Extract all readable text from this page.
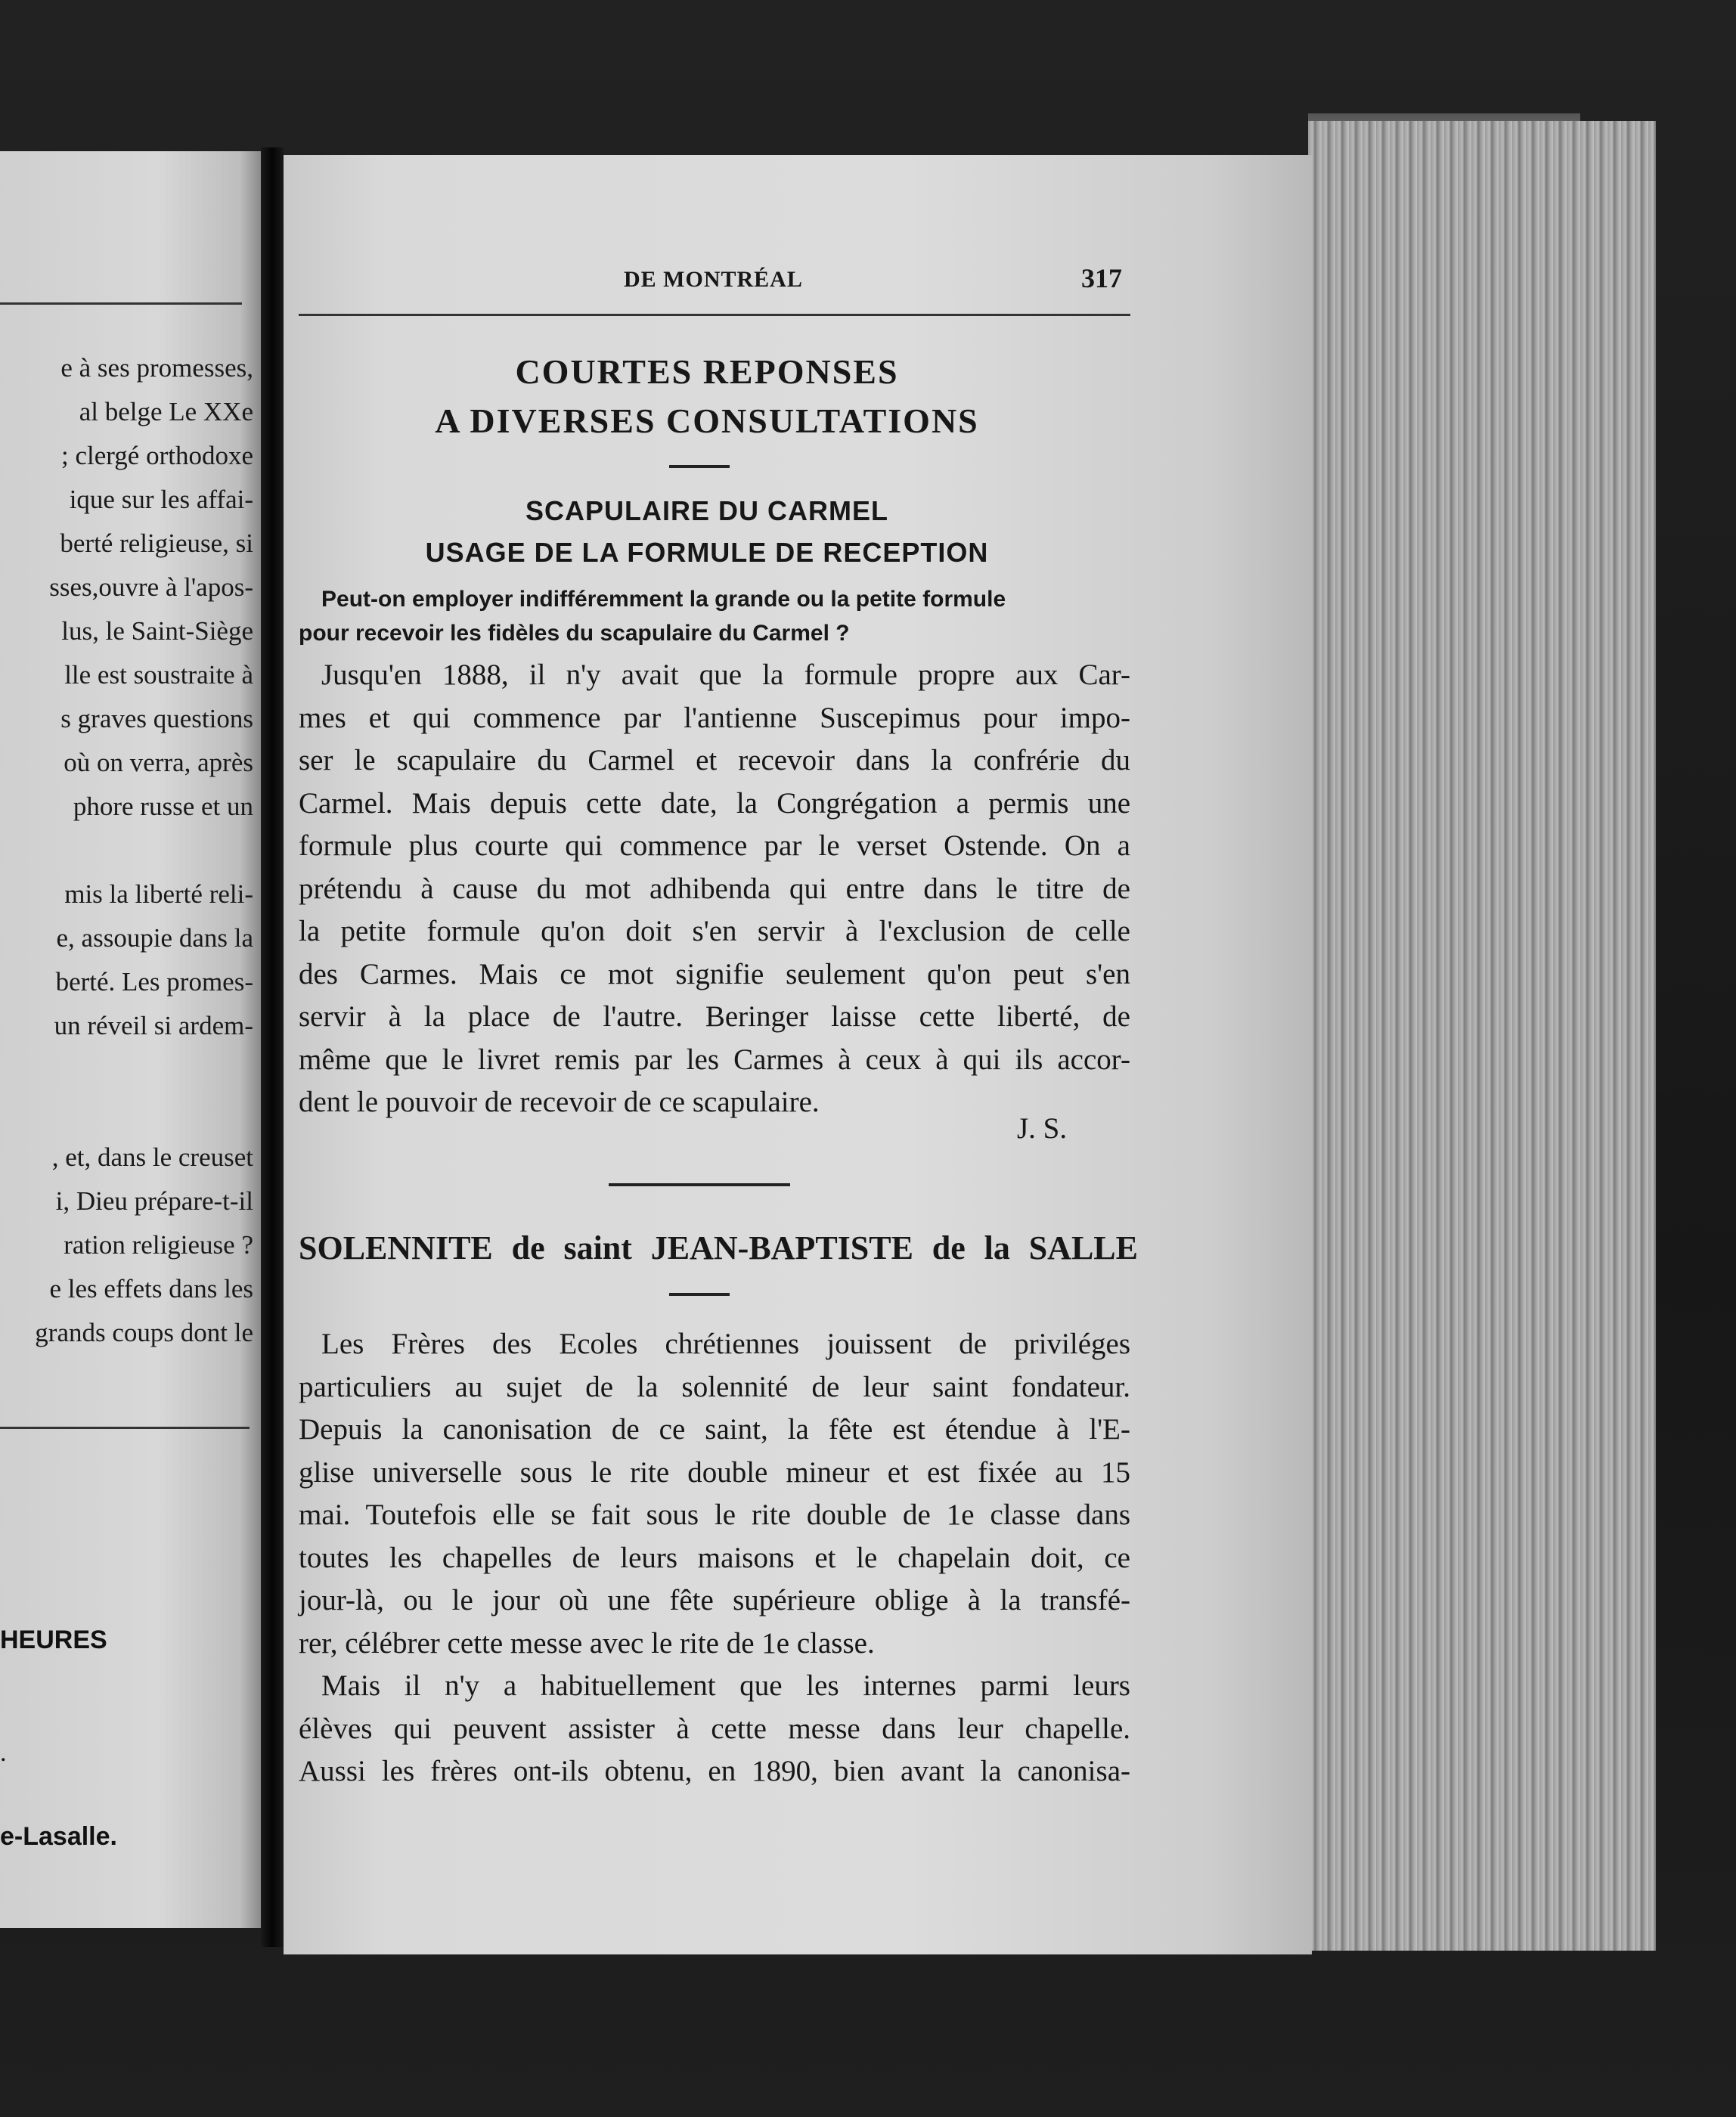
e à ses promesses,
al belge Le XXe
; clergé orthodoxe
ique sur les affai-
berté religieuse, si
sses,ouvre à l'apos-
lus, le Saint-Siège
lle est soustraite à
s graves questions
où on verra, après
phore russe et un
mis la liberté reli-
e, assoupie dans la
berté. Les promes-
un réveil si ardem-
, et, dans le creuset
i, Dieu prépare-t-il
ration religieuse ?
e les effets dans les
grands coups dont le
HEURES
.
e-Lasalle.
DE MONTRÉAL	317
COURTES REPONSES
A DIVERSES CONSULTATIONS
SCAPULAIRE DU CARMEL
USAGE DE LA FORMULE DE RECEPTION
Peut-on employer indifféremment la grande ou la petite formule
pour recevoir les fidèles du scapulaire du Carmel ?
Jusqu'en 1888, il n'y avait que la formule propre aux Car-
mes et qui commence par l'antienne Suscepimus pour impo-
ser le scapulaire du Carmel et recevoir dans la confrérie du
Carmel. Mais depuis cette date, la Congrégation a permis une
formule plus courte qui commence par le verset Ostende. On a
prétendu à cause du mot adhibenda qui entre dans le titre de
la petite formule qu'on doit s'en servir à l'exclusion de celle
des Carmes. Mais ce mot signifie seulement qu'on peut s'en
servir à la place de l'autre. Beringer laisse cette liberté, de
même que le livret remis par les Carmes à ceux à qui ils accor-
dent le pouvoir de recevoir de ce scapulaire.
J. S.
SOLENNITE de saint JEAN-BAPTISTE de la SALLE
Les Frères des Ecoles chrétiennes jouissent de priviléges
particuliers au sujet de la solennité de leur saint fondateur.
Depuis la canonisation de ce saint, la fête est étendue à l'E-
glise universelle sous le rite double mineur et est fixée au 15
mai. Toutefois elle se fait sous le rite double de 1e classe dans
toutes les chapelles de leurs maisons et le chapelain doit, ce
jour-là, ou le jour où une fête supérieure oblige à la transfé-
rer, célébrer cette messe avec le rite de 1e classe.
Mais il n'y a habituellement que les internes parmi leurs
élèves qui peuvent assister à cette messe dans leur chapelle.
Aussi les frères ont-ils obtenu, en 1890, bien avant la canonisa-
